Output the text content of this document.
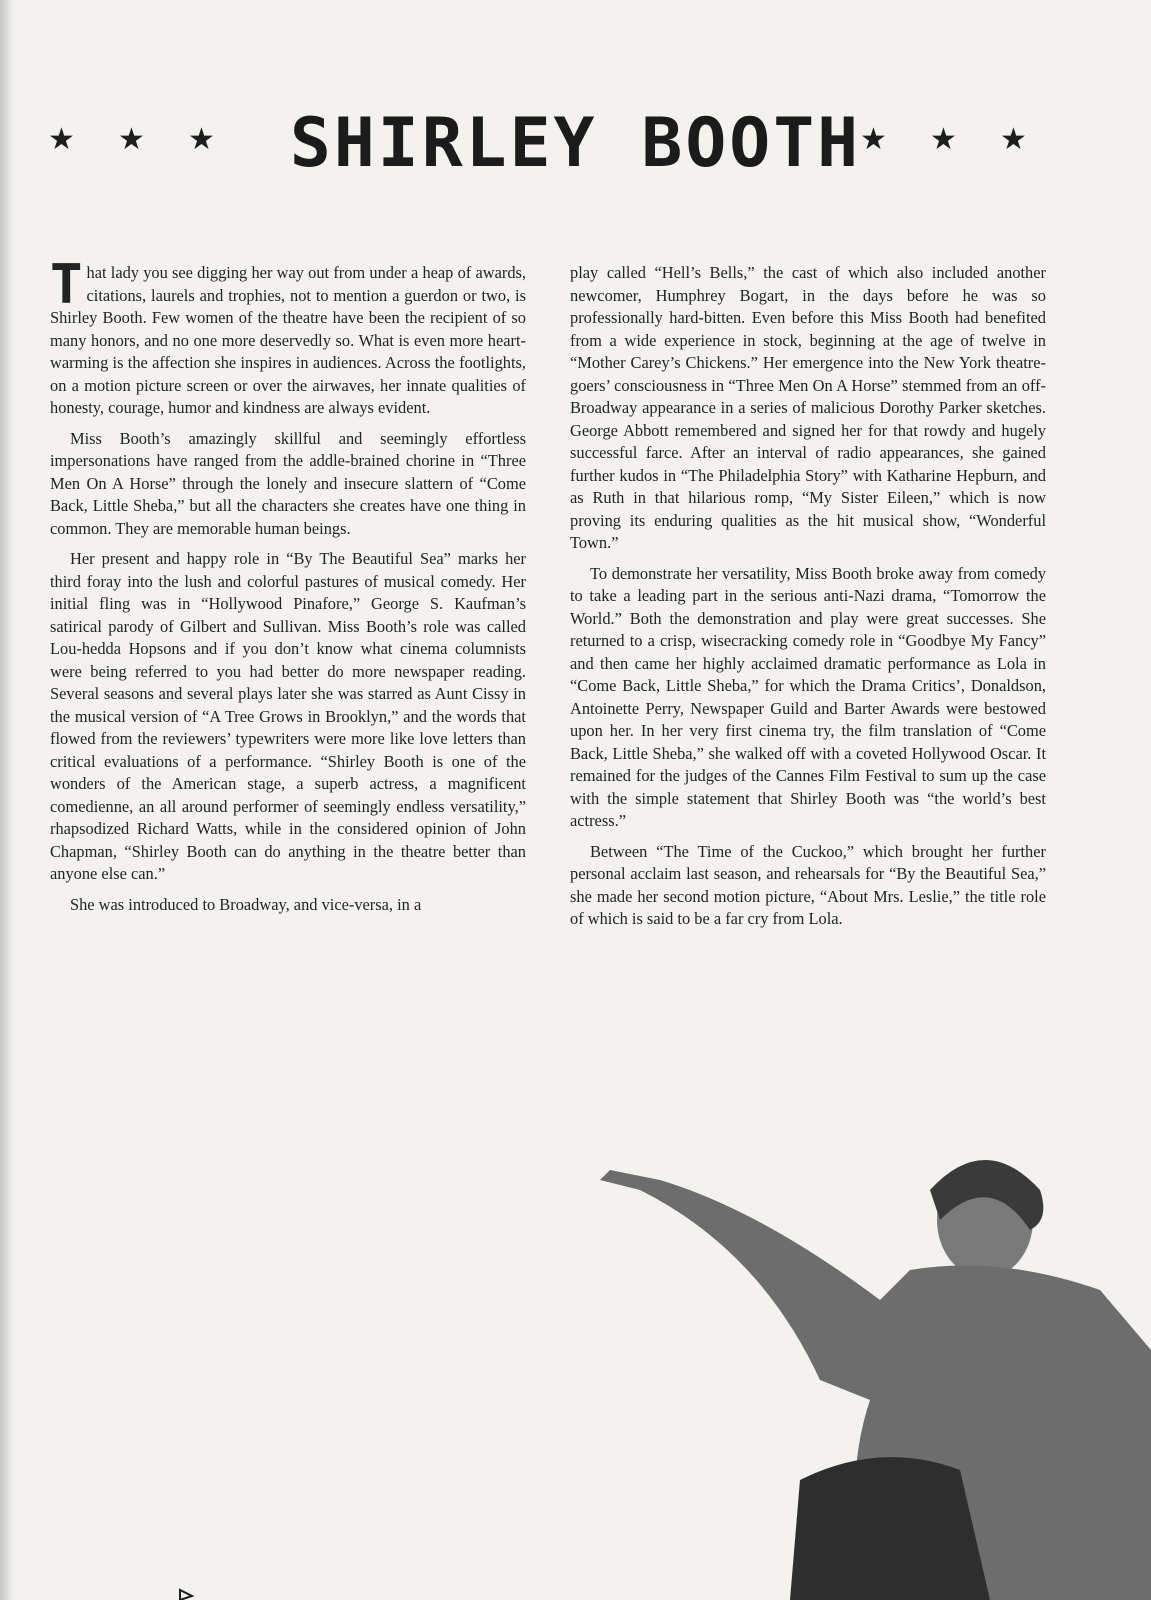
★ ★ ★	SHIRLEY BOOTH
★ ★ ★

That lady you see digging her way out from under a heap of awards, citations, laurels and trophies, not to mention a guerdon or two, is Shirley Booth. Few women of the theatre have been the recipient of so many honors, and no one more deservedly so. What is even more heartwarming is the affection she inspires in audiences. Across the footlights, on a motion picture screen or over the airwaves, her innate qualities of honesty, courage, humor and kindness are always evident.

Miss Booth’s amazingly skillful and seemingly effortless impersonations have ranged from the addle-brained chorine in “Three Men On A Horse” through the lonely and insecure slattern of “Come Back, Little Sheba,” but all the characters she creates have one thing in common. They are memorable human beings.

Her present and happy role in “By The Beautiful Sea” marks her third foray into the lush and colorful pastures of musical comedy. Her initial fling was in “Hollywood Pinafore,” George S. Kaufman’s satirical parody of Gilbert and Sullivan. Miss Booth’s role was called Lou-hedda Hopsons and if you don’t know what cinema columnists were being referred to you had better do more newspaper reading. Several seasons and several plays later she was starred as Aunt Cissy in the musical version of “A Tree Grows in Brooklyn,” and the words that flowed from the reviewers’ typewriters were more like love letters than critical evaluations of a performance. “Shirley Booth is one of the wonders of the American stage, a superb actress, a magnificent comedienne, an all around performer of seemingly endless versatility,” rhapsodized Richard Watts, while in the considered opinion of John Chapman, “Shirley Booth can do anything in the theatre better than anyone else can.”

She was introduced to Broadway, and vice-versa, in a

play called “Hell’s Bells,” the cast of which also included another newcomer, Humphrey Bogart, in the days before he was so professionally hard-bitten. Even before this Miss Booth had benefited from a wide experience in stock, beginning at the age of twelve in “Mother Carey’s Chickens.” Her emergence into the New York theatre-goers’ consciousness in “Three Men On A Horse” stemmed from an off-Broadway appearance in a series of malicious Dorothy Parker sketches. George Abbott remembered and signed her for that rowdy and hugely successful farce. After an interval of radio appearances, she gained further kudos in “The Philadelphia Story” with Katharine Hepburn, and as Ruth in that hilarious romp, “My Sister Eileen,” which is now proving its enduring qualities as the hit musical show, “Wonderful Town.”

To demonstrate her versatility, Miss Booth broke away from comedy to take a leading part in the serious anti-Nazi drama, “Tomorrow the World.” Both the demonstration and play were great successes. She returned to a crisp, wisecracking comedy role in “Goodbye My Fancy” and then came her highly acclaimed dramatic performance as Lola in “Come Back, Little Sheba,” for which the Drama Critics’, Donaldson, Antoinette Perry, Newspaper Guild and Barter Awards were bestowed upon her. In her very first cinema try, the film translation of “Come Back, Little Sheba,” she walked off with a coveted Hollywood Oscar. It remained for the judges of the Cannes Film Festival to sum up the case with the simple statement that Shirley Booth was “the world’s best actress.”

Between “The Time of the Cuckoo,” which brought her further personal acclaim last season, and rehearsals for “By the Beautiful Sea,” she made her second motion picture, “About Mrs. Leslie,” the title role of which is said to be a far cry from Lola.
